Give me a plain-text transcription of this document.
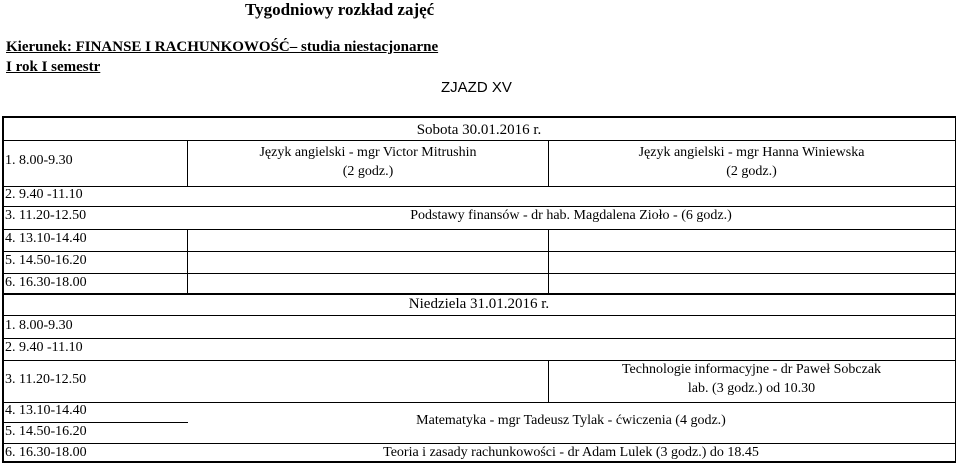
Tygodniowy rozkład zajęć
Kierunek: FINANSE I RACHUNKOWOŚĆ– studia niestacjonarne
I rok I semestr
ZJAZD XV
Sobota 30.01.2016 r.
1. 8.00-9.30
Język angielski - mgr Victor Mitrushin
(2 godz.)
Język angielski - mgr Hanna Winiewska
(2 godz.)
2. 9.40 -11.10
3. 11.20-12.50	Podstawy finansów - dr hab. Magdalena Zioło - (6 godz.)
4. 13.10-14.40
5. 14.50-16.20
6. 16.30-18.00
Niedziela 31.01.2016 r.
1. 8.00-9.30
2. 9.40 -11.10
3. 11.20-12.50
Technologie informacyjne - dr Paweł Sobczak
lab. (3 godz.) od 10.30
4. 13.10-14.40
5. 14.50-16.20
Matematyka - mgr Tadeusz Tylak - ćwiczenia (4 godz.)
6. 16.30-18.00	Teoria i zasady rachunkowości - dr Adam Lulek (3 godz.) do 18.45
